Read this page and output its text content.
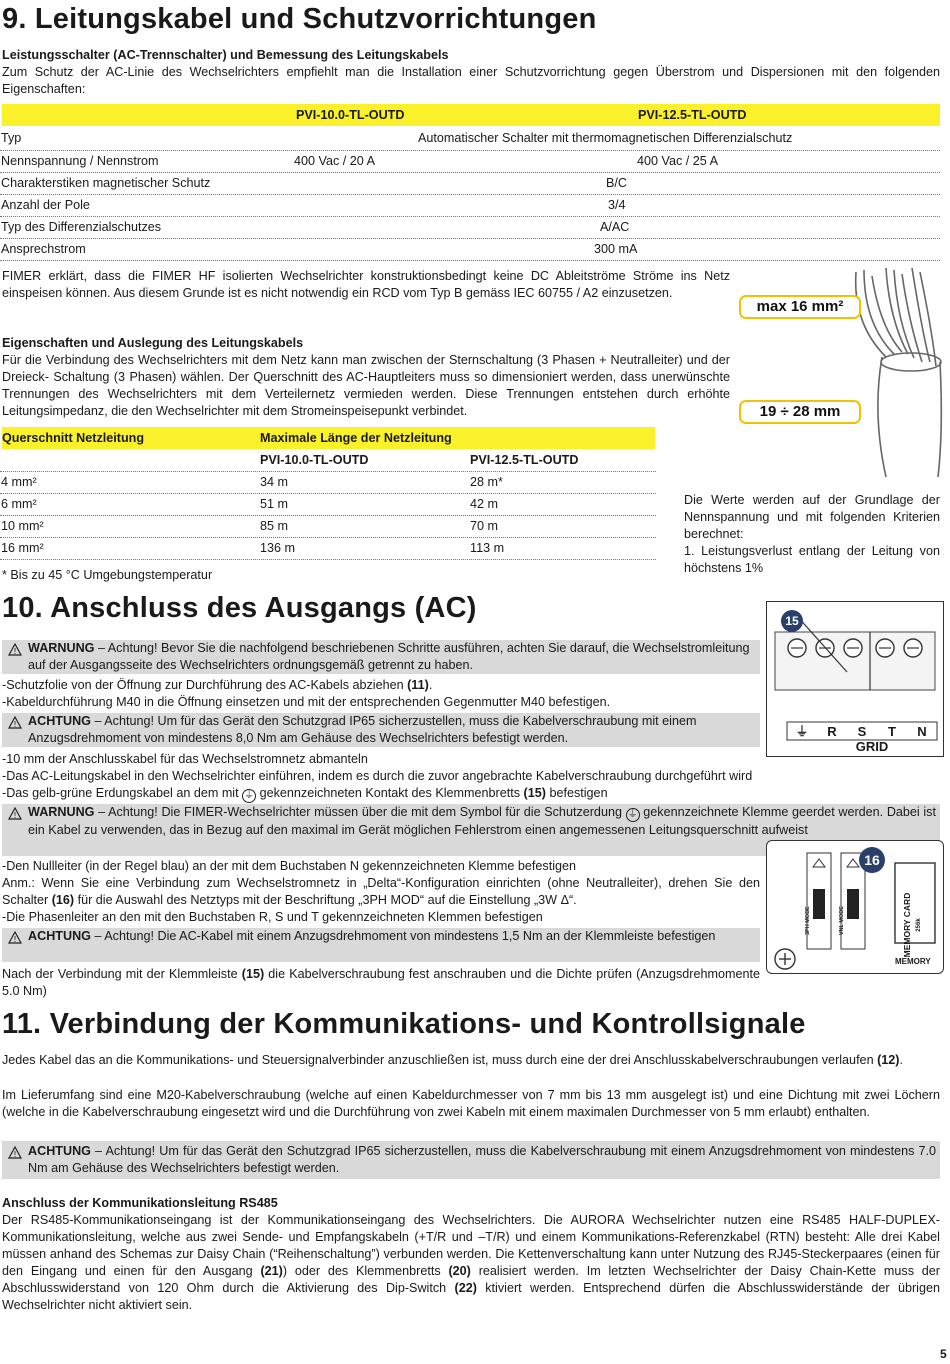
9. Leitungskabel und Schutzvorrichtungen
Leistungsschalter (AC-Trennschalter) und Bemessung des Leitungskabels
Zum Schutz der AC-Linie des Wechselrichters empfiehlt man die Installation einer Schutzvorrichtung gegen Überstrom und Dispersionen mit den folgenden Eigenschaften:
PVI-10.0-TL-OUTD	PVI-12.5-TL-OUTD
Typ	Automatischer Schalter mit thermomagnetischen Differenzialschutz
Nennspannung / Nennstrom	400 Vac / 20 A	400 Vac / 25 A
Charakterstiken magnetischer Schutz	B/C
Anzahl der Pole	3/4
Typ des Differenzialschutzes	A/AC
Ansprechstrom	300 mA
FIMER erklärt, dass die FIMER HF isolierten Wechselrichter konstruktionsbedingt keine DC Ableitströme Ströme ins Netz einspeisen können. Aus diesem Grunde ist es nicht notwendig ein RCD vom Typ B gemäss IEC 60755 / A2 einzusetzen.
max 16 mm²
19 ÷ 28 mm
Eigenschaften und Auslegung des Leitungskabels
Für die Verbindung des Wechselrichters mit dem Netz kann man zwischen der Sternschaltung (3 Phasen + Neutralleiter) und der Dreieck- Schaltung (3 Phasen) wählen. Der Querschnitt des AC-Hauptleiters muss so dimensioniert werden, dass unerwünschte Trennungen des Wechselrichters mit dem Verteilernetz vermieden werden. Diese Trennungen entstehen durch erhöhte Leitungsimpedanz, die den Wechselrichter mit dem Stromeinspeisepunkt verbindet.
Querschnitt Netzleitung	Maximale Länge der Netzleitung
PVI-10.0-TL-OUTD	PVI-12.5-TL-OUTD
4 mm²	34 m	28 m*
6 mm²	51 m	42 m
10 mm²	85 m	70 m
16 mm²	136 m	113 m
* Bis zu 45 °C Umgebungstemperatur
Die Werte werden auf der Grundlage der Nennspannung und mit folgenden Kriterien berechnet:
1. Leistungsverlust entlang der Leitung von höchstens 1%
10. Anschluss des Ausgangs (AC)	15
⏚	R	S	T	N
GRID
! WARNUNG – Achtung! Bevor Sie die nachfolgend beschriebenen Schritte ausführen, achten Sie darauf, die Wechselstromleitung auf der Ausgangsseite des Wechselrichters ordnungsgemäß getrennt zu haben.
-Schutzfolie von der Öffnung zur Durchführung des AC-Kabels abziehen (11).
-Kabeldurchführung M40 in die Öffnung einsetzen und mit der entsprechenden Gegenmutter M40 befestigen.
! ACHTUNG – Achtung! Um für das Gerät den Schutzgrad IP65 sicherzustellen, muss die Kabelverschraubung mit einem Anzugsdrehmoment von mindestens 8,0 Nm am Gehäuse des Wechselrichters befestigt werden.
-10 mm der Anschlusskabel für das Wechselstromnetz abmanteln
-Das AC-Leitungskabel in den Wechselrichter einführen, indem es durch die zuvor angebrachte Kabelverschraubung durchgeführt wird
-Das gelb-grüne Erdungskabel an dem mit ⏚ gekennzeichneten Kontakt des Klemmenbretts (15) befestigen
! WARNUNG – Achtung! Die FIMER-Wechselrichter müssen über die mit dem Symbol für die Schutzerdung ⏚ gekennzeichnete Klemme geerdet werden. Dabei ist ein Kabel zu verwenden, das in Bezug auf den maximal im Gerät möglichen Fehlerstrom einen angemessenen Leitungsquerschnitt aufweist
16
3PH MODE	VNL MODE	MEMORY CARD 256k
MEMORY
-Den Nullleiter (in der Regel blau) an der mit dem Buchstaben N gekennzeichneten Klemme befestigen
Anm.: Wenn Sie eine Verbindung zum Wechselstromnetz in „Delta“-Konfiguration einrichten (ohne Neutralleiter), drehen Sie den Schalter (16) für die Auswahl des Netztyps mit der Beschriftung „3PH MOD“ auf die Einstellung „3W Δ“.
-Die Phasenleiter an den mit den Buchstaben R, S und T gekennzeichneten Klemmen befestigen
! ACHTUNG – Achtung! Die AC-Kabel mit einem Anzugsdrehmoment von mindestens 1,5 Nm an der Klemmleiste befestigen
Nach der Verbindung mit der Klemmleiste (15) die Kabelverschraubung fest anschrauben und die Dichte prüfen (Anzugsdrehmomente 5.0 Nm)
11. Verbindung der Kommunikations- und Kontrollsignale
Jedes Kabel das an die Kommunikations- und Steuersignalverbinder anzuschließen ist, muss durch eine der drei Anschlusskabelverschraubungen verlaufen (12).
Im Lieferumfang sind eine M20-Kabelverschraubung (welche auf einen Kabeldurchmesser von 7 mm bis 13 mm ausgelegt ist) und eine Dichtung mit zwei Löchern (welche in die Kabelverschraubung eingesetzt wird und die Durchführung von zwei Kabeln mit einem maximalen Durchmesser von 5 mm erlaubt) enthalten.
! ACHTUNG – Achtung! Um für das Gerät den Schutzgrad IP65 sicherzustellen, muss die Kabelverschraubung mit einem Anzugsdrehmoment von mindestens 7.0 Nm am Gehäuse des Wechselrichters befestigt werden.
Anschluss der Kommunikationsleitung RS485
Der RS485-Kommunikationseingang ist der Kommunikationseingang des Wechselrichters. Die AURORA Wechselrichter nutzen eine RS485 HALF-DUPLEX-Kommunikationsleitung, welche aus zwei Sende- und Empfangskabeln (+T/R und –T/R) und einem Kommunikations-Referenzkabel (RTN) besteht: Alle drei Kabel müssen anhand des Schemas zur Daisy Chain (“Reihenschaltung”) verbunden werden. Die Kettenverschaltung kann unter Nutzung des RJ45-Steckerpaares (einen für den Eingang und einen für den Ausgang (21)) oder des Klemmenbretts (20) realisiert werden. Im letzten Wechselrichter der Daisy Chain-Kette muss der Abschlusswiderstand von 120 Ohm durch die Aktivierung des Dip-Switch (22) ktiviert werden. Entsprechend dürfen die Abschlusswiderstände der übrigen Wechselrichter nicht aktiviert sein.
5
